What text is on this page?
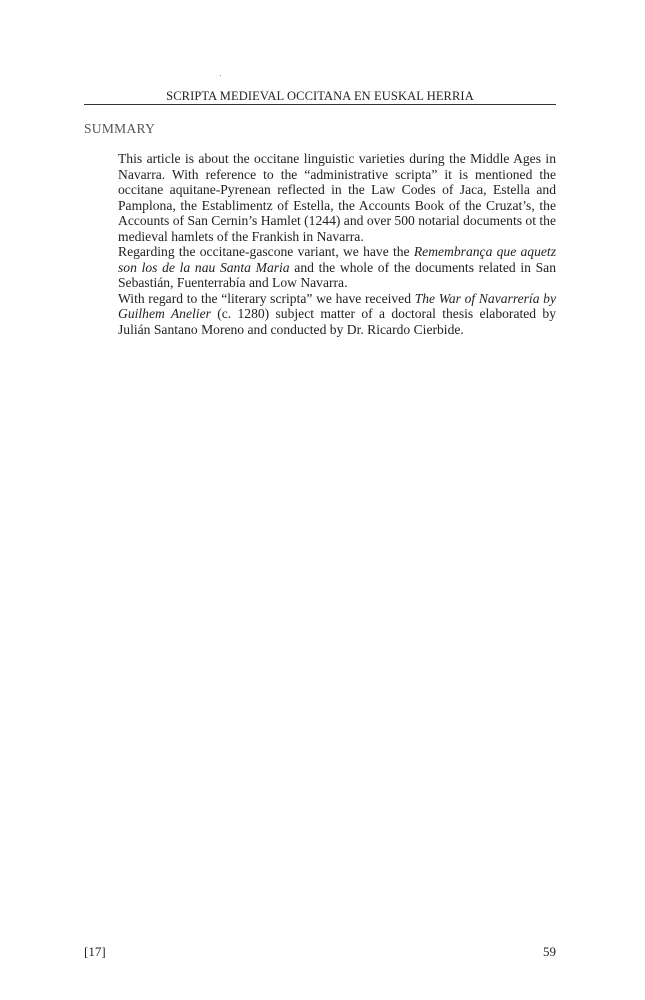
SCRIPTA MEDIEVAL OCCITANA EN EUSKAL HERRIA
SUMMARY

This article is about the occitane linguistic varieties during the Middle Ages in Navarra. With reference to the “administrative scripta” it is mentioned the occitane aquitane-Pyrenean reflected in the Law Codes of Jaca, Estella and Pamplona, the Establimentz of Estella, the Accounts Book of the Cruzat’s, the Accounts of San Cernin’s Hamlet (1244) and over 500 notarial documents ot the medieval hamlets of the Frankish in Navarra.

Regarding the occitane-gascone variant, we have the Remembrança que aquetz son los de la nau Santa Maria and the whole of the documents related in San Sebastián, Fuenterrabía and Low Navarra.

With regard to the “literary scripta” we have received The War of Navarrería by Guilhem Anelier (c. 1280) subject matter of a doctoral thesis elaborated by Julián Santano Moreno and conducted by Dr. Ricardo Cierbide.

[17]	59
